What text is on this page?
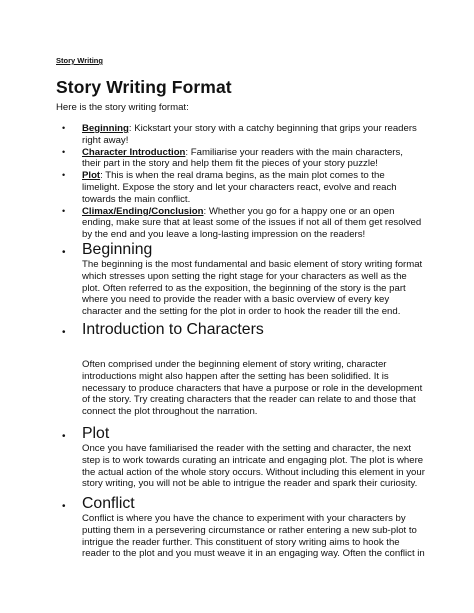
Story Writing
Story Writing Format

Here is the story writing format:

• Beginning: Kickstart your story with a catchy beginning that grips your readers right away!
• Character Introduction: Familiarise your readers with the main characters, their part in the story and help them fit the pieces of your story puzzle!
• Plot: This is when the real drama begins, as the main plot comes to the limelight. Expose the story and let your characters react, evolve and reach towards the main conflict.
• Climax/Ending/Conclusion: Whether you go for a happy one or an open ending, make sure that at least some of the issues if not all of them get resolved by the end and you leave a long-lasting impression on the readers!
• Beginning

The beginning is the most fundamental and basic element of story writing format which stresses upon setting the right stage for your characters as well as the plot. Often referred to as the exposition, the beginning of the story is the part where you need to provide the reader with a basic overview of every key character and the setting for the plot in order to hook the reader till the end.

• Introduction to Characters

Often comprised under the beginning element of story writing, character introductions might also happen after the setting has been solidified. It is necessary to produce characters that have a purpose or role in the development of the story. Try creating characters that the reader can relate to and those that connect the plot throughout the narration.

• Plot

Once you have familiarised the reader with the setting and character, the next step is to work towards curating an intricate and engaging plot. The plot is where the actual action of the whole story occurs. Without including this element in your story writing, you will not be able to intrigue the reader and spark their curiosity.

• Conflict

Conflict is where you have the chance to experiment with your characters by putting them in a persevering circumstance or rather entering a new sub-plot to intrigue the reader further. This constituent of story writing aims to hook the reader to the plot and you must weave it in an engaging way. Often the conflict in
